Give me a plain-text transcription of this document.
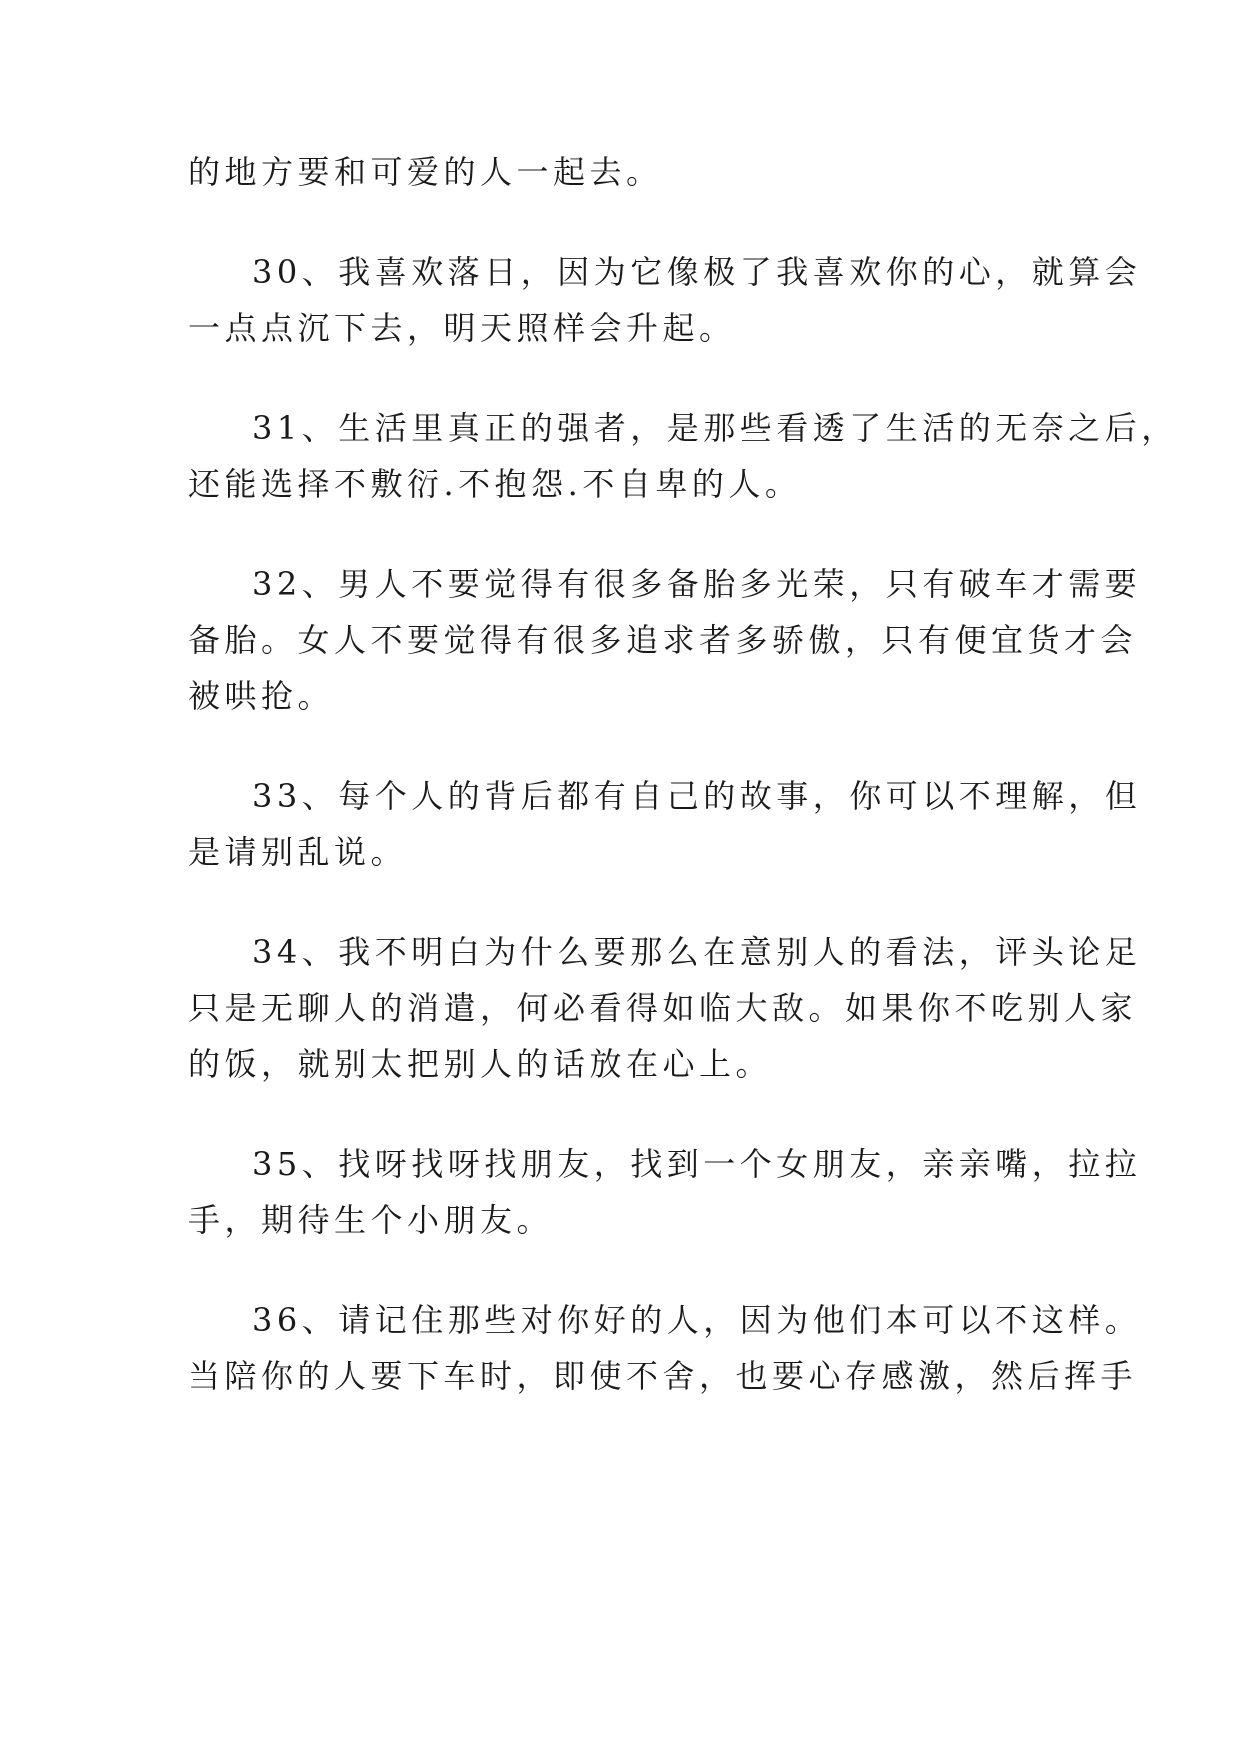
的地方要和可爱的人一起去。
30、我喜欢落日，因为它像极了我喜欢你的心，就算会
一点点沉下去，明天照样会升起。
31、生活里真正的强者，是那些看透了生活的无奈之后，
还能选择不敷衍.不抱怨.不自卑的人。
32、男人不要觉得有很多备胎多光荣，只有破车才需要
备胎。女人不要觉得有很多追求者多骄傲，只有便宜货才会
被哄抢。
33、每个人的背后都有自己的故事，你可以不理解，但
是请别乱说。
34、我不明白为什么要那么在意别人的看法，评头论足
只是无聊人的消遣，何必看得如临大敌。如果你不吃别人家
的饭，就别太把别人的话放在心上。
35、找呀找呀找朋友，找到一个女朋友，亲亲嘴，拉拉
手，期待生个小朋友。
36、请记住那些对你好的人，因为他们本可以不这样。
当陪你的人要下车时，即使不舍，也要心存感激，然后挥手
